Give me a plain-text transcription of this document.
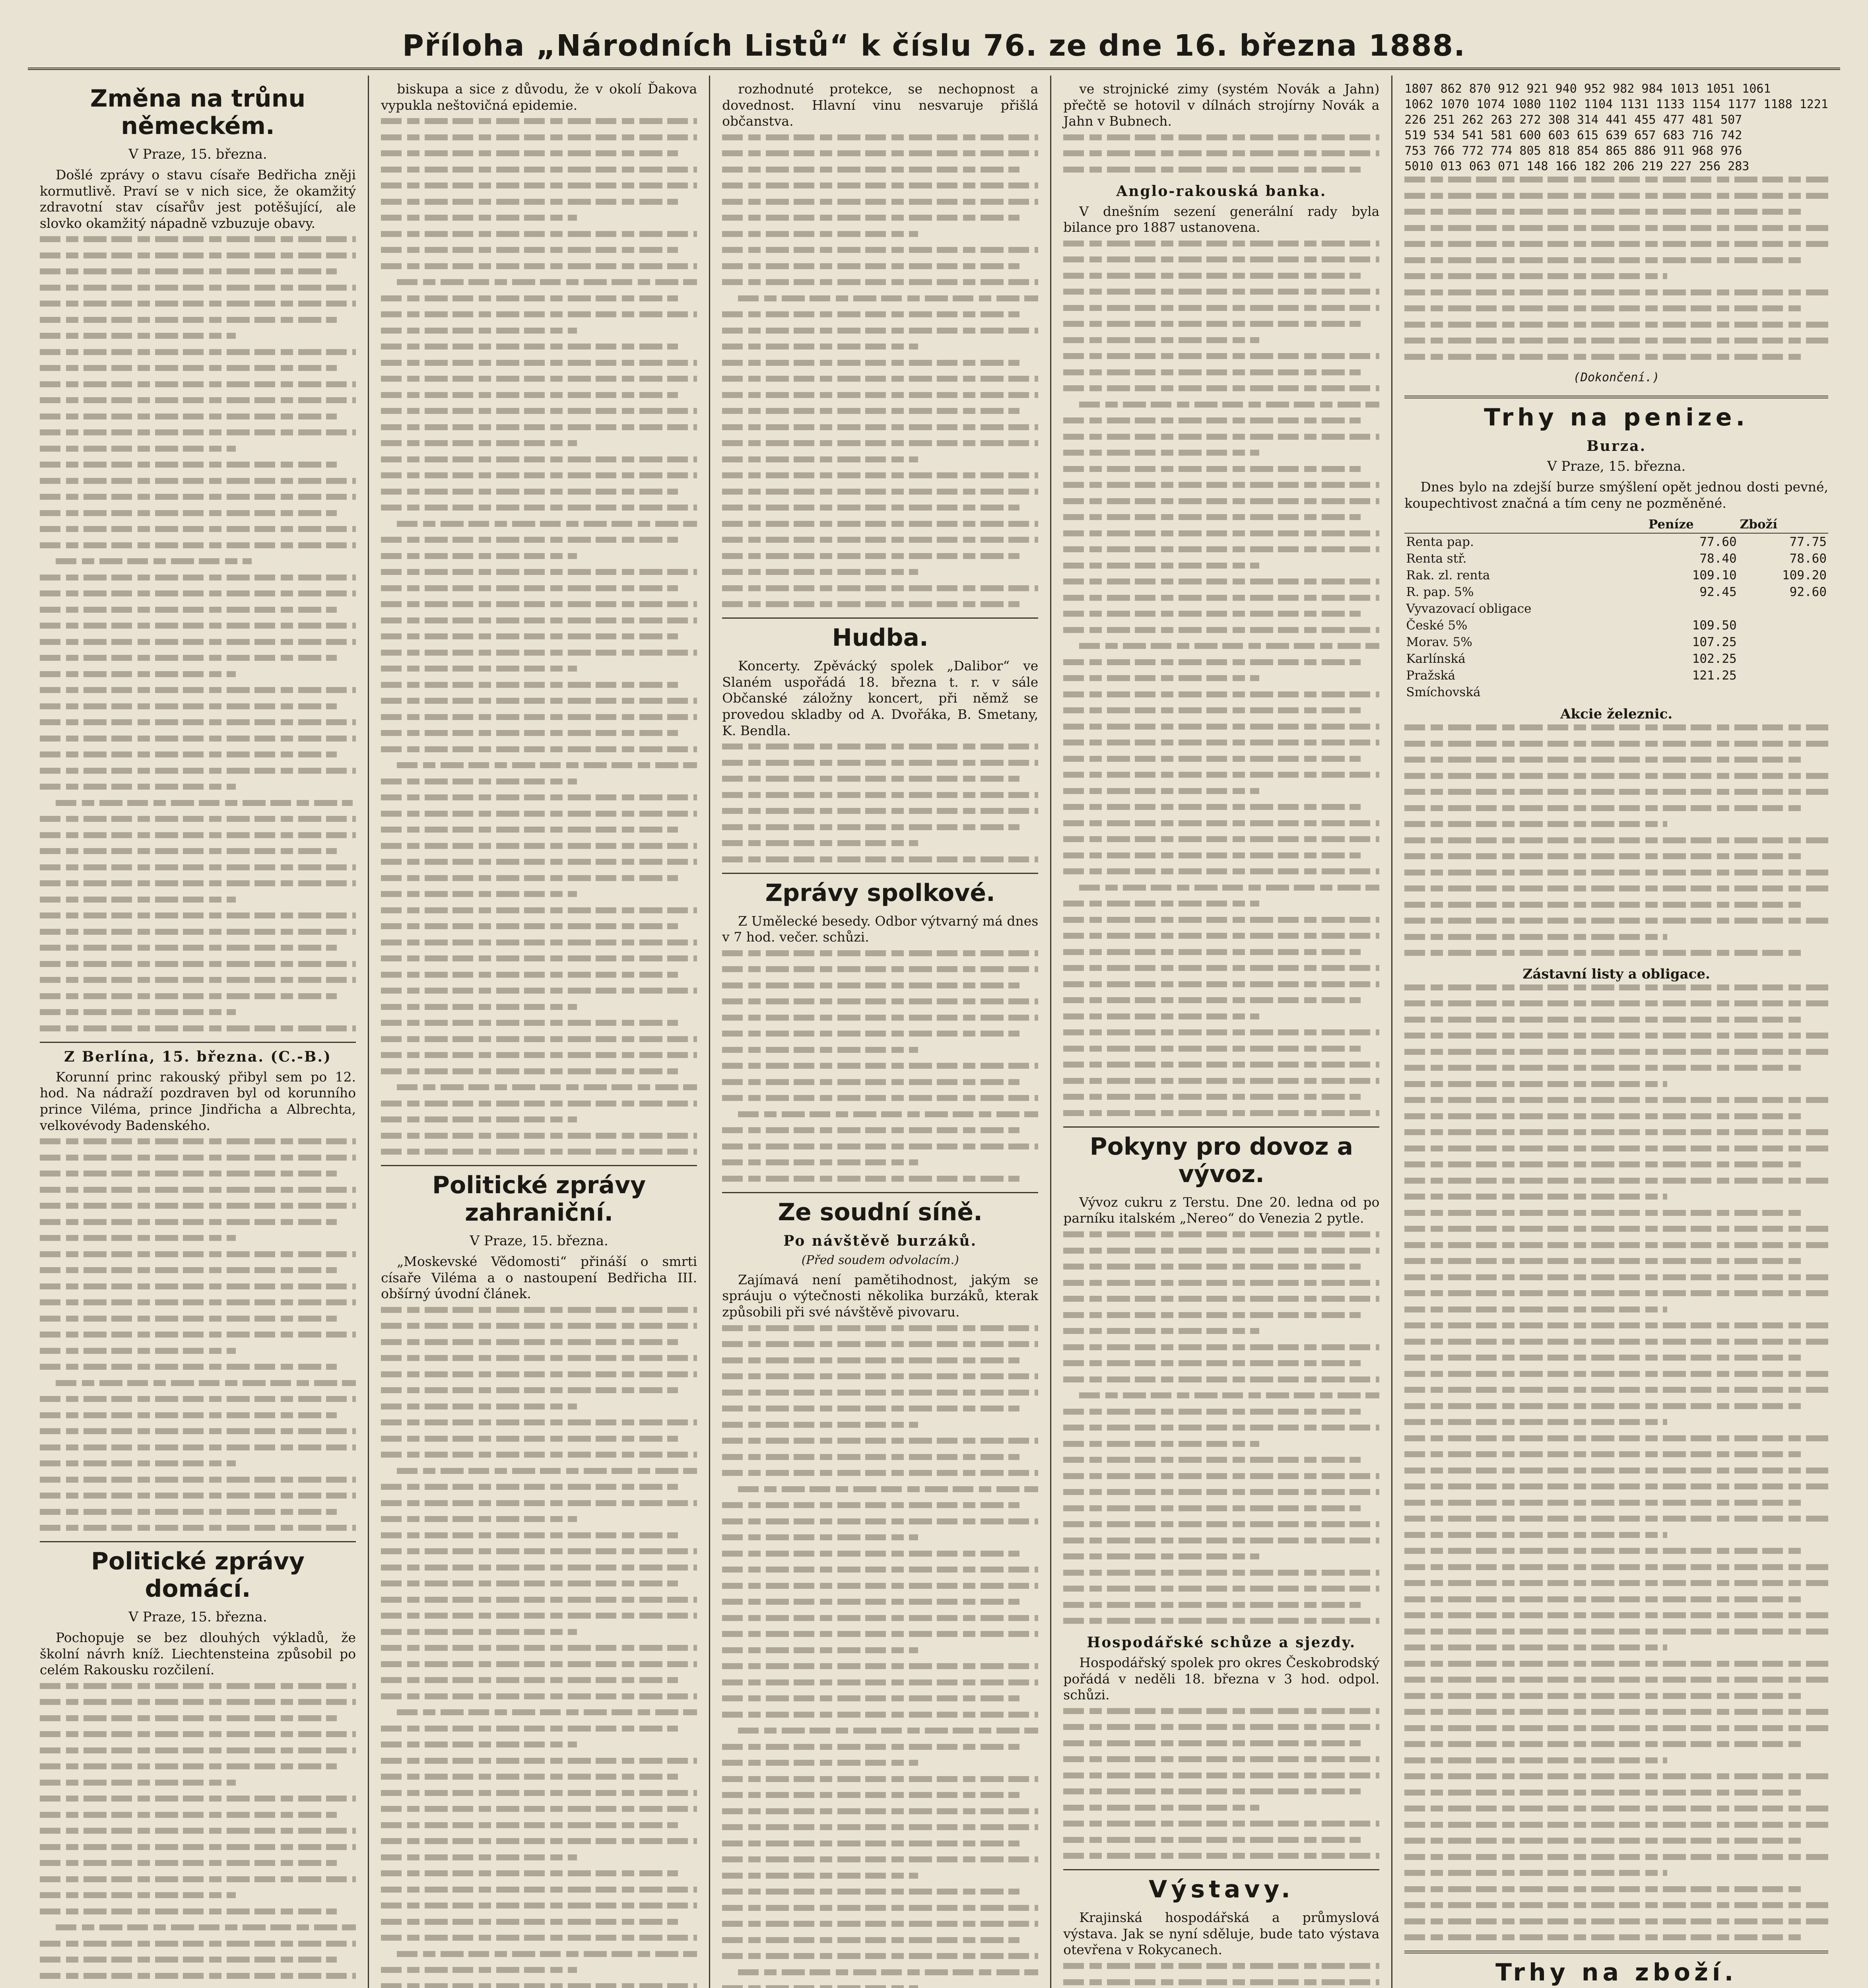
Příloha „Národních Listů“ k číslu 76. ze dne 16. března 1888.
Změna na trůnu německém.
V Praze, 15. března.

Došlé zprávy o stavu císaře Bedřicha zněji kormutlivě. Praví se v nich sice, že okamžitý zdravotní stav císařův jest potěšující, ale slovko okamžitý nápadně vzbuzuje obavy.

Z Berlína, 15. března. (C.-B.)

Korunní princ rakouský přibyl sem po 12. hod. Na nádraží pozdraven byl od korunního prince Viléma, prince Jindřicha a Albrechta, velkovévody Badenského.

Politické zprávy domácí.
V Praze, 15. března.

Pochopuje se bez dlouhých výkladů, že školní návrh kníž. Liechtensteina způsobil po celém Rakousku rozčilení.

biskupa a sice z důvodu, že v okolí Ďakova vypukla neštovičná epidemie.

Politické zprávy zahraniční.
V Praze, 15. března.

„Moskevské Vědomosti“ přináší o smrti císaře Viléma a o nastoupení Bedřicha III. obšírný úvodní článek.

rozhodnuté protekce, se nechopnost a dovednost. Hlavní vinu nesvaruje přišlá občanstva.

Hudba.

Koncerty. Zpěvácký spolek „Dalibor“ ve Slaném uspořádá 18. března t. r. v sále Občanské záložny koncert, při němž se provedou skladby od A. Dvořáka, B. Smetany, K. Bendla.

Zprávy spolkové.

Z Umělecké besedy. Odbor výtvarný má dnes v 7 hod. večer. schůzi.

Ze soudní síně.
Po návštěvě burzáků.
(Před soudem odvolacím.)

Zajímavá není pamětihodnost, jakým se spráuju o výtečnosti několika burzáků, kterak způsobili při své návštěvě pivovaru.

ve strojnické zimy (systém Novák a Jahn) přečtě se hotovil v dílnách strojírny Novák a Jahn v Bubnech.

Anglo-rakouská banka.

V dnešním sezení generální rady byla bilance pro 1887 ustanovena.

Pokyny pro dovoz a vývoz.

Vývoz cukru z Terstu. Dne 20. ledna od po parníku italském „Nereo“ do Venezia 2 pytle.

Hospodářské schůze a sjezdy.

Hospodářský spolek pro okres Českobrodský pořádá v neděli 18. března v 3 hod. odpol. schůzi.

Výstavy.

Krajinská hospodářská a průmyslová výstava. Jak se nyní sděluje, bude tato výstava otevřena v Rokycanech.

1807 862 870 912 921 940 952 982 984 1013 1051 1061
1062 1070 1074 1080 1102 1104 1131 1133 1154 1177 1188 1221
226 251 262 263 272 308 314 441 455 477 481 507
519 534 541 581 600 603 615 639 657 683 716 742
753 766 772 774 805 818 854 865 886 911 968 976
5010 013 063 071 148 166 182 206 219 227 256 283
(Dokončení.)
Trhy na penize.
Burza.
V Praze, 15. března.

Dnes bylo na zdejší burze smýšlení opět jednou dosti pevné, koupechtivost značná a tím ceny ne pozměněné.

	Peníze	Zboží
Renta pap.	77.60	77.75
Renta stř.	78.40	78.60
Rak. zl. renta	109.10	109.20
R. pap. 5%	92.45	92.60
Vyvazovací obligace		
České 5%	109.50	
Morav. 5%	107.25	
Karlínská	102.25	
Pražská	121.25	
Smíchovská		
Akcie železnic.
Zástavní listy a obligace.
Trhy na zboží.
